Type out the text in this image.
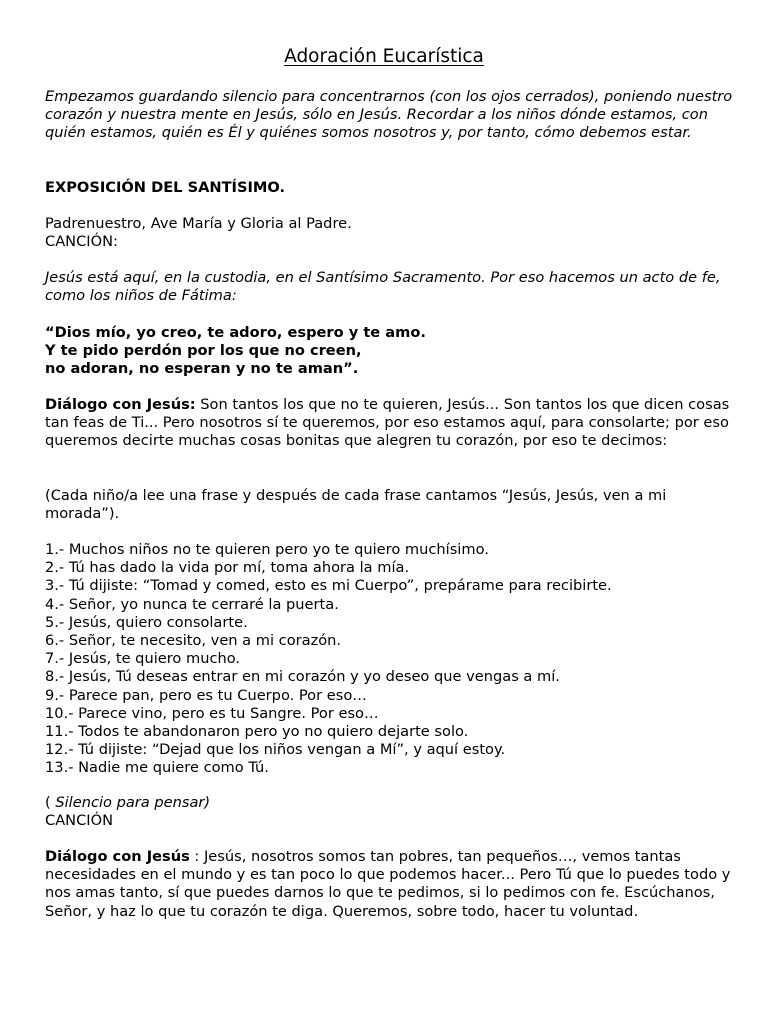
Adoración Eucarística

Empezamos guardando silencio para concentrarnos (con los ojos cerrados), poniendo nuestro corazón y nuestra mente en Jesús, sólo en Jesús. Recordar a los niños dónde estamos, con quién estamos, quién es Él y quiénes somos nosotros y, por tanto, cómo debemos estar.

EXPOSICIÓN DEL SANTÍSIMO.

Padrenuestro, Ave María y Gloria al Padre.

CANCIÓN:

Jesús está aquí, en la custodia, en el Santísimo Sacramento. Por eso hacemos un acto de fe, como los niños de Fátima:

“Dios mío, yo creo, te adoro, espero y te amo.

Y te pido perdón por los que no creen,

no adoran, no esperan y no te aman”.

Diálogo con Jesús: Son tantos los que no te quieren, Jesús... Son tantos los que dicen cosas tan feas de Ti... Pero nosotros sí te queremos, por eso estamos aquí, para consolarte; por eso queremos decirte muchas cosas bonitas que alegren tu corazón, por eso te decimos:

(Cada niño/a lee una frase y después de cada frase cantamos “Jesús, Jesús, ven a mi morada”).

1.- Muchos niños no te quieren pero yo te quiero muchísimo.
2.- Tú has dado la vida por mí, toma ahora la mía.
3.- Tú dijiste: “Tomad y comed, esto es mi Cuerpo”, prepárame para recibirte.
4.- Señor, yo nunca te cerraré la puerta.
5.- Jesús, quiero consolarte.
6.- Señor, te necesito, ven a mi corazón.
7.- Jesús, te quiero mucho.
8.- Jesús, Tú deseas entrar en mi corazón y yo deseo que vengas a mí.
9.- Parece pan, pero es tu Cuerpo. Por eso…
10.- Parece vino, pero es tu Sangre. Por eso…
11.- Todos te abandonaron pero yo no quiero dejarte solo.
12.- Tú dijiste: “Dejad que los niños vengan a Mí”, y aquí estoy.
13.- Nadie me quiere como Tú.

( Silencio para pensar)

CANCIÓN

Diálogo con Jesús : Jesús, nosotros somos tan pobres, tan pequeños…, vemos tantas necesidades en el mundo y es tan poco lo que podemos hacer... Pero Tú que lo puedes todo y nos amas tanto, sí que puedes darnos lo que te pedimos, si lo pedimos con fe. Escúchanos, Señor, y haz lo que tu corazón te diga. Queremos, sobre todo, hacer tu voluntad.
